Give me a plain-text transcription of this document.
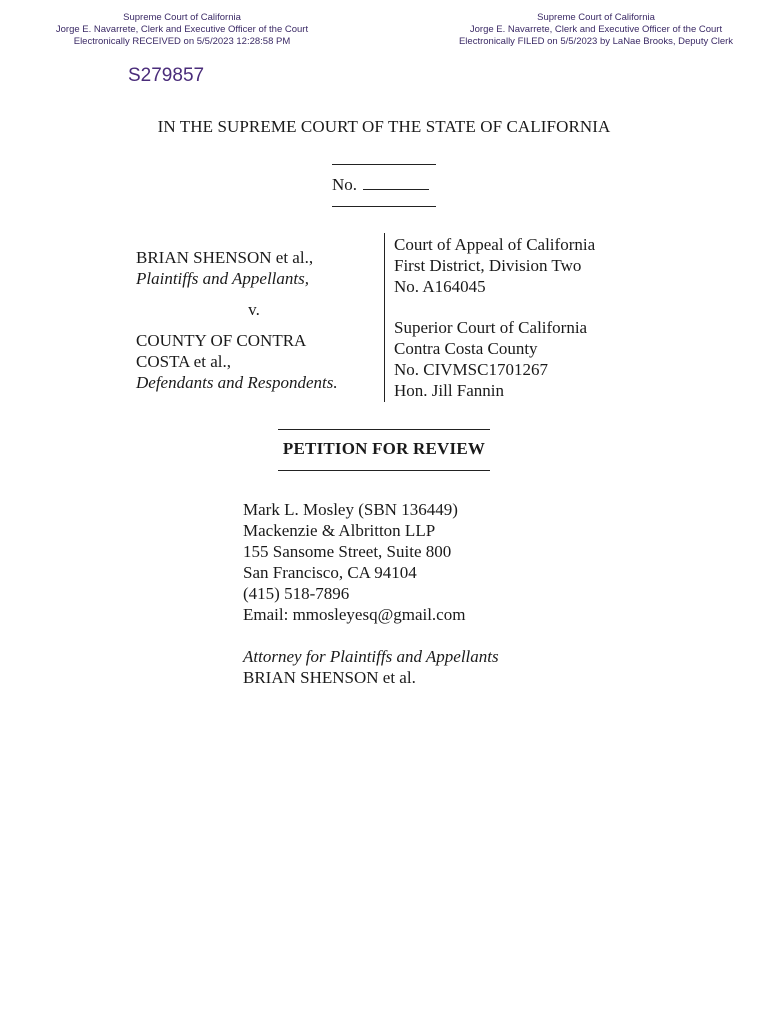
Supreme Court of California
Jorge E. Navarrete, Clerk and Executive Officer of the Court
Electronically RECEIVED on 5/5/2023 12:28:58 PM
Supreme Court of California
Jorge E. Navarrete, Clerk and Executive Officer of the Court
Electronically FILED on 5/5/2023 by LaNae Brooks, Deputy Clerk
S279857
IN THE SUPREME COURT OF THE STATE OF CALIFORNIA
No.
BRIAN SHENSON et al.,
Plaintiffs and Appellants,
v.
COUNTY OF CONTRA
COSTA et al.,
Defendants and Respondents.
Court of Appeal of California
First District, Division Two
No. A164045
Superior Court of California
Contra Costa County
No. CIVMSC1701267
Hon. Jill Fannin
PETITION FOR REVIEW
Mark L. Mosley (SBN 136449)
Mackenzie & Albritton LLP
155 Sansome Street, Suite 800
San Francisco, CA 94104
(415) 518-7896
Email: mmosleyesq@gmail.com
Attorney for Plaintiffs and Appellants
BRIAN SHENSON et al.
